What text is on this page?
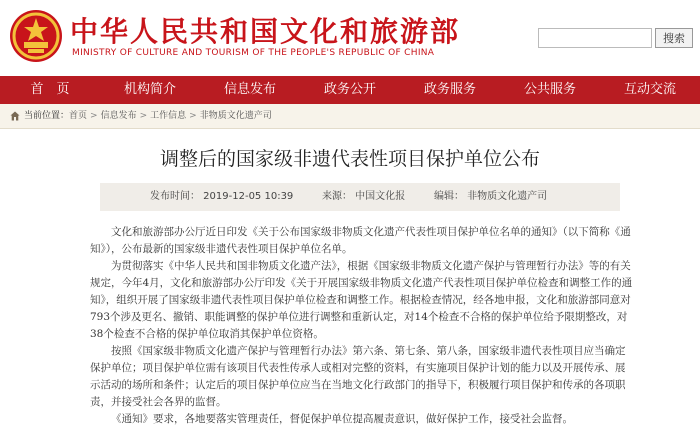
中华人民共和国文化和旅游部
MINISTRY OF CULTURE AND TOURISM OF THE PEOPLE'S REPUBLIC OF CHINA
搜索
首　页	机构简介	信息发布	政务公开	政务服务	公共服务	互动交流
当前位置：首页 > 信息发布 > 工作信息 > 非物质文化遗产司
调整后的国家级非遗代表性项目保护单位公布
发布时间： 2019-12-05 10:39	来源： 中国文化报	编辑： 非物质文化遗产司

文化和旅游部办公厅近日印发《关于公布国家级非物质文化遗产代表性项目保护单位名单的通知》（以下简称《通知》），公布最新的国家级非遗代表性项目保护单位名单。

为贯彻落实《中华人民共和国非物质文化遗产法》，根据《国家级非物质文化遗产保护与管理暂行办法》等的有关规定，今年4月，文化和旅游部办公厅印发《关于开展国家级非物质文化遗产代表性项目保护单位检查和调整工作的通知》，组织开展了国家级非遗代表性项目保护单位检查和调整工作。根据检查情况，经各地申报，文化和旅游部同意对793个涉及更名、撤销、职能调整的保护单位进行调整和重新认定，对14个检查不合格的保护单位给予限期整改，对38个检查不合格的保护单位取消其保护单位资格。

按照《国家级非物质文化遗产保护与管理暂行办法》第六条、第七条、第八条，国家级非遗代表性项目应当确定保护单位；项目保护单位需有该项目代表性传承人或相对完整的资料，有实施项目保护计划的能力以及开展传承、展示活动的场所和条件；认定后的项目保护单位应当在当地文化行政部门的指导下，积极履行项目保护和传承的各项职责，并接受社会各界的监督。

《通知》要求，各地要落实管理责任，督促保护单位提高履责意识，做好保护工作，接受社会监督。
